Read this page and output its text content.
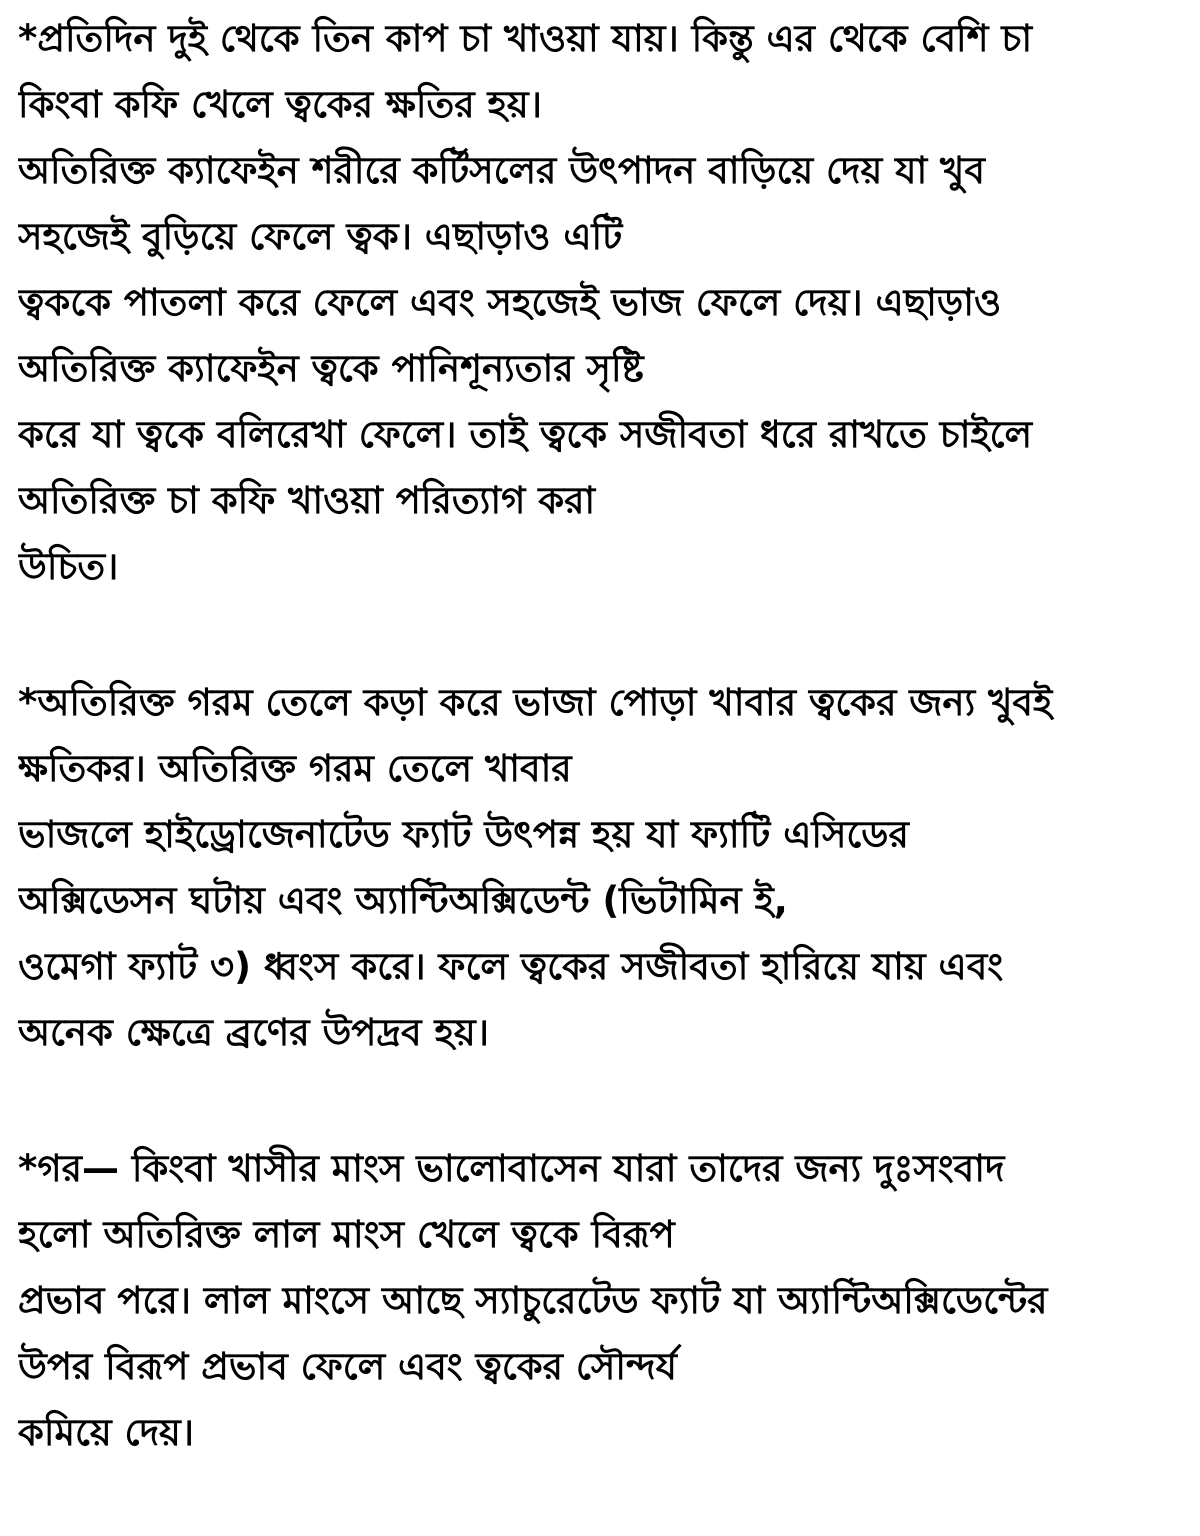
*প্রতিদিন দুই থেকে তিন কাপ চা খাওয়া যায়। কিন্তু এর থেকে বেশি চা
কিংবা কফি খেলে ত্বকের ক্ষতির হয়।
অতিরিক্ত ক্যাফেইন শরীরে কর্টিসলের উৎপাদন বাড়িয়ে দেয় যা খুব
সহজেই বুড়িয়ে ফেলে ত্বক। এছাড়াও এটি
ত্বককে পাতলা করে ফেলে এবং সহজেই ভাজ ফেলে দেয়। এছাড়াও
অতিরিক্ত ক্যাফেইন ত্বকে পানিশূন্যতার সৃষ্টি
করে যা ত্বকে বলিরেখা ফেলে। তাই ত্বকে সজীবতা ধরে রাখতে চাইলে
অতিরিক্ত চা কফি খাওয়া পরিত্যাগ করা
উচিত।
*অতিরিক্ত গরম তেলে কড়া করে ভাজা পোড়া খাবার ত্বকের জন্য খুবই
ক্ষতিকর। অতিরিক্ত গরম তেলে খাবার
ভাজলে হাইড্রোজেনাটেড ফ্যাট উৎপন্ন হয় যা ফ্যাটি এসিডের
অক্সিডেসন ঘটায় এবং অ্যান্টিঅক্সিডেন্ট (ভিটামিন ই,
ওমেগা ফ্যাট ৩) ধ্বংস করে। ফলে ত্বকের সজীবতা হারিয়ে যায় এবং
অনেক ক্ষেত্রে ব্রণের উপদ্রব হয়।
*গর— কিংবা খাসীর মাংস ভালোবাসেন যারা তাদের জন্য দুঃসংবাদ
হলো অতিরিক্ত লাল মাংস খেলে ত্বকে বিরূপ
প্রভাব পরে। লাল মাংসে আছে স্যাচুরেটেড ফ্যাট যা অ্যান্টিঅক্সিডেন্টের
উপর বিরূপ প্রভাব ফেলে এবং ত্বকের সৌন্দর্য
কমিয়ে দেয়।
